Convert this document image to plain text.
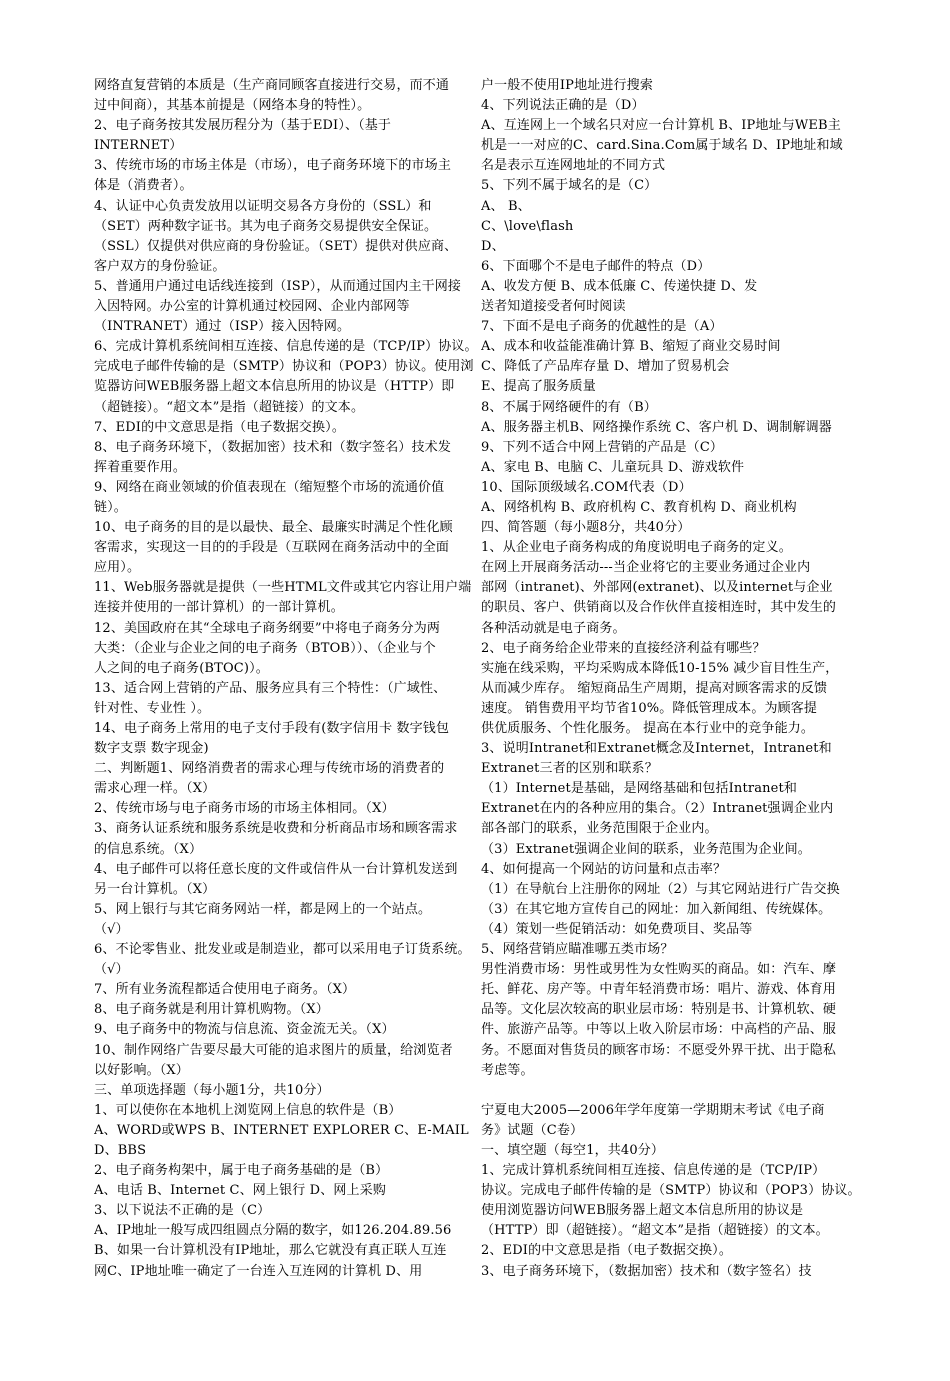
网络直复营销的本质是（生产商同顾客直接进行交易，而不通
过中间商），其基本前提是（网络本身的特性）。
2、电子商务按其发展历程分为（基于EDI）、（基于
INTERNET）
3、传统市场的市场主体是（市场），电子商务环境下的市场主
体是（消费者）。
4、认证中心负责发放用以证明交易各方身份的（SSL）和
（SET）两种数字证书。其为电子商务交易提供安全保证。
（SSL）仅提供对供应商的身份验证。（SET）提供对供应商、
客户双方的身份验证。
5、普通用户通过电话线连接到（ISP），从而通过国内主干网接
入因特网。办公室的计算机通过校园网、企业内部网等
（INTRANET）通过（ISP）接入因特网。
6、完成计算机系统间相互连接、信息传递的是（TCP/IP）协议。
完成电子邮件传输的是（SMTP）协议和（POP3）协议。使用浏
览器访问WEB服务器上超文本信息所用的协议是（HTTP）即
（超链接）。“超文本”是指（超链接）的文本。
7、EDI的中文意思是指（电子数据交换）。
8、电子商务环境下，（数据加密）技术和（数字签名）技术发
挥着重要作用。
9、网络在商业领域的价值表现在（缩短整个市场的流通价值
链）。
10、电子商务的目的是以最快、最全、最廉实时满足个性化顾
客需求，实现这一目的的手段是（互联网在商务活动中的全面
应用）。
11、Web服务器就是提供（一些HTML文件或其它内容让用户端
连接并使用的一部计算机）的一部计算机。
12、美国政府在其“全球电子商务纲要”中将电子商务分为两
大类：（企业与企业之间的电子商务（BTOB））、（企业与个
人之间的电子商务(BTOC)）。
13、适合网上营销的产品、服务应具有三个特性：（广域性、
针对性、专业性 ）。
14、电子商务上常用的电子支付手段有(数字信用卡 数字钱包
数字支票 数字现金)
二、判断题1、网络消费者的需求心理与传统市场的消费者的
需求心理一样。（X）
2、传统市场与电子商务市场的市场主体相同。（X）
3、商务认证系统和服务系统是收费和分析商品市场和顾客需求
的信息系统。（X）
4、电子邮件可以将任意长度的文件或信件从一台计算机发送到
另一台计算机。（X）
5、网上银行与其它商务网站一样，都是网上的一个站点。
（√）
6、不论零售业、批发业或是制造业，都可以采用电子订货系统。
（√）
7、所有业务流程都适合使用电子商务。（X）
8、电子商务就是利用计算机购物。（X）
9、电子商务中的物流与信息流、资金流无关。（X）
10、制作网络广告要尽最大可能的追求图片的质量，给浏览者
以好影响。（X）
三、单项选择题（每小题1分，共10分）
1、可以使你在本地机上浏览网上信息的软件是（B）
A、WORD或WPS B、INTERNET EXPLORER C、E-MAIL
D、BBS
2、电子商务构架中，属于电子商务基础的是（B）
A、电话 B、Internet C、网上银行 D、网上采购
3、以下说法不正确的是（C）
A、IP地址一般写成四组圆点分隔的数字，如126.204.89.56
B、如果一台计算机没有IP地址，那么它就没有真正联人互连
网C、IP地址唯一确定了一台连入互连网的计算机 D、用
户一般不使用IP地址进行搜索
4、下列说法正确的是（D）
A、互连网上一个域名只对应一台计算机 B、IP地址与WEB主
机是一一对应的C、card.Sina.Com属于域名 D、IP地址和域
名是表示互连网地址的不同方式
5、下列不属于域名的是（C）
A、 B、
C、\love\flash
D、
6、下面哪个不是电子邮件的特点（D）
A、收发方便 B、成本低廉 C、传递快捷 D、发
送者知道接受者何时阅读
7、下面不是电子商务的优越性的是（A）
A、成本和收益能准确计算 B、缩短了商业交易时间
C、降低了产品库存量 D、增加了贸易机会
E、提高了服务质量
8、不属于网络硬件的有（B）
A、服务器主机B、网络操作系统 C、客户机 D、调制解调器
9、下列不适合中网上营销的产品是（C）
A、家电 B、电脑 C、儿童玩具 D、游戏软件
10、国际顶级域名.COM代表（D）
A、网络机构 B、政府机构 C、教育机构 D、商业机构
四、简答题（每小题8分，共40分）
1、从企业电子商务构成的角度说明电子商务的定义。
在网上开展商务活动---当企业将它的主要业务通过企业内
部网（intranet)、外部网(extranet)、以及internet与企业
的职员、客户、供销商以及合作伙伴直接相连时，其中发生的
各种活动就是电子商务。
2、电子商务给企业带来的直接经济利益有哪些？
实施在线采购，平均采购成本降低10-15% 减少盲目性生产，
从而减少库存。 缩短商品生产周期，提高对顾客需求的反馈
速度。 销售费用平均节省10%。降低管理成本。为顾客提
供优质服务、个性化服务。 提高在本行业中的竞争能力。
3、说明Intranet和Extranet概念及Internet，Intranet和
Extranet三者的区别和联系？
（1）Internet是基础，是网络基础和包括Intranet和
Extranet在内的各种应用的集合。（2）Intranet强调企业内
部各部门的联系，业务范围限于企业内。
（3）Extranet强调企业间的联系，业务范围为企业间。
4、如何提高一个网站的访问量和点击率？
（1）在导航台上注册你的网址（2）与其它网站进行广告交换
（3）在其它地方宣传自己的网址：加入新闻组、传统媒体。
（4）策划一些促销活动：如免费项目、奖品等
5、网络营销应瞄准哪五类市场？
男性消费市场：男性或男性为女性购买的商品。如：汽车、摩
托、鲜花、房产等。中青年轻消费市场：唱片、游戏、体育用
品等。文化层次较高的职业层市场：特别是书、计算机软、硬
件、旅游产品等。中等以上收入阶层市场：中高档的产品、服
务。不愿面对售货员的顾客市场：不愿受外界干扰、出于隐私
考虑等。
宁夏电大2005—2006年学年度第一学期期末考试《电子商
务》试题（C卷）
一、填空题（每空1，共40分）
1、完成计算机系统间相互连接、信息传递的是（TCP/IP）
协议。完成电子邮件传输的是（SMTP）协议和（POP3）协议。
使用浏览器访问WEB服务器上超文本信息所用的协议是
（HTTP）即（超链接）。“超文本”是指（超链接）的文本。
2、EDI的中文意思是指（电子数据交换）。
3、电子商务环境下，（数据加密）技术和（数字签名）技
